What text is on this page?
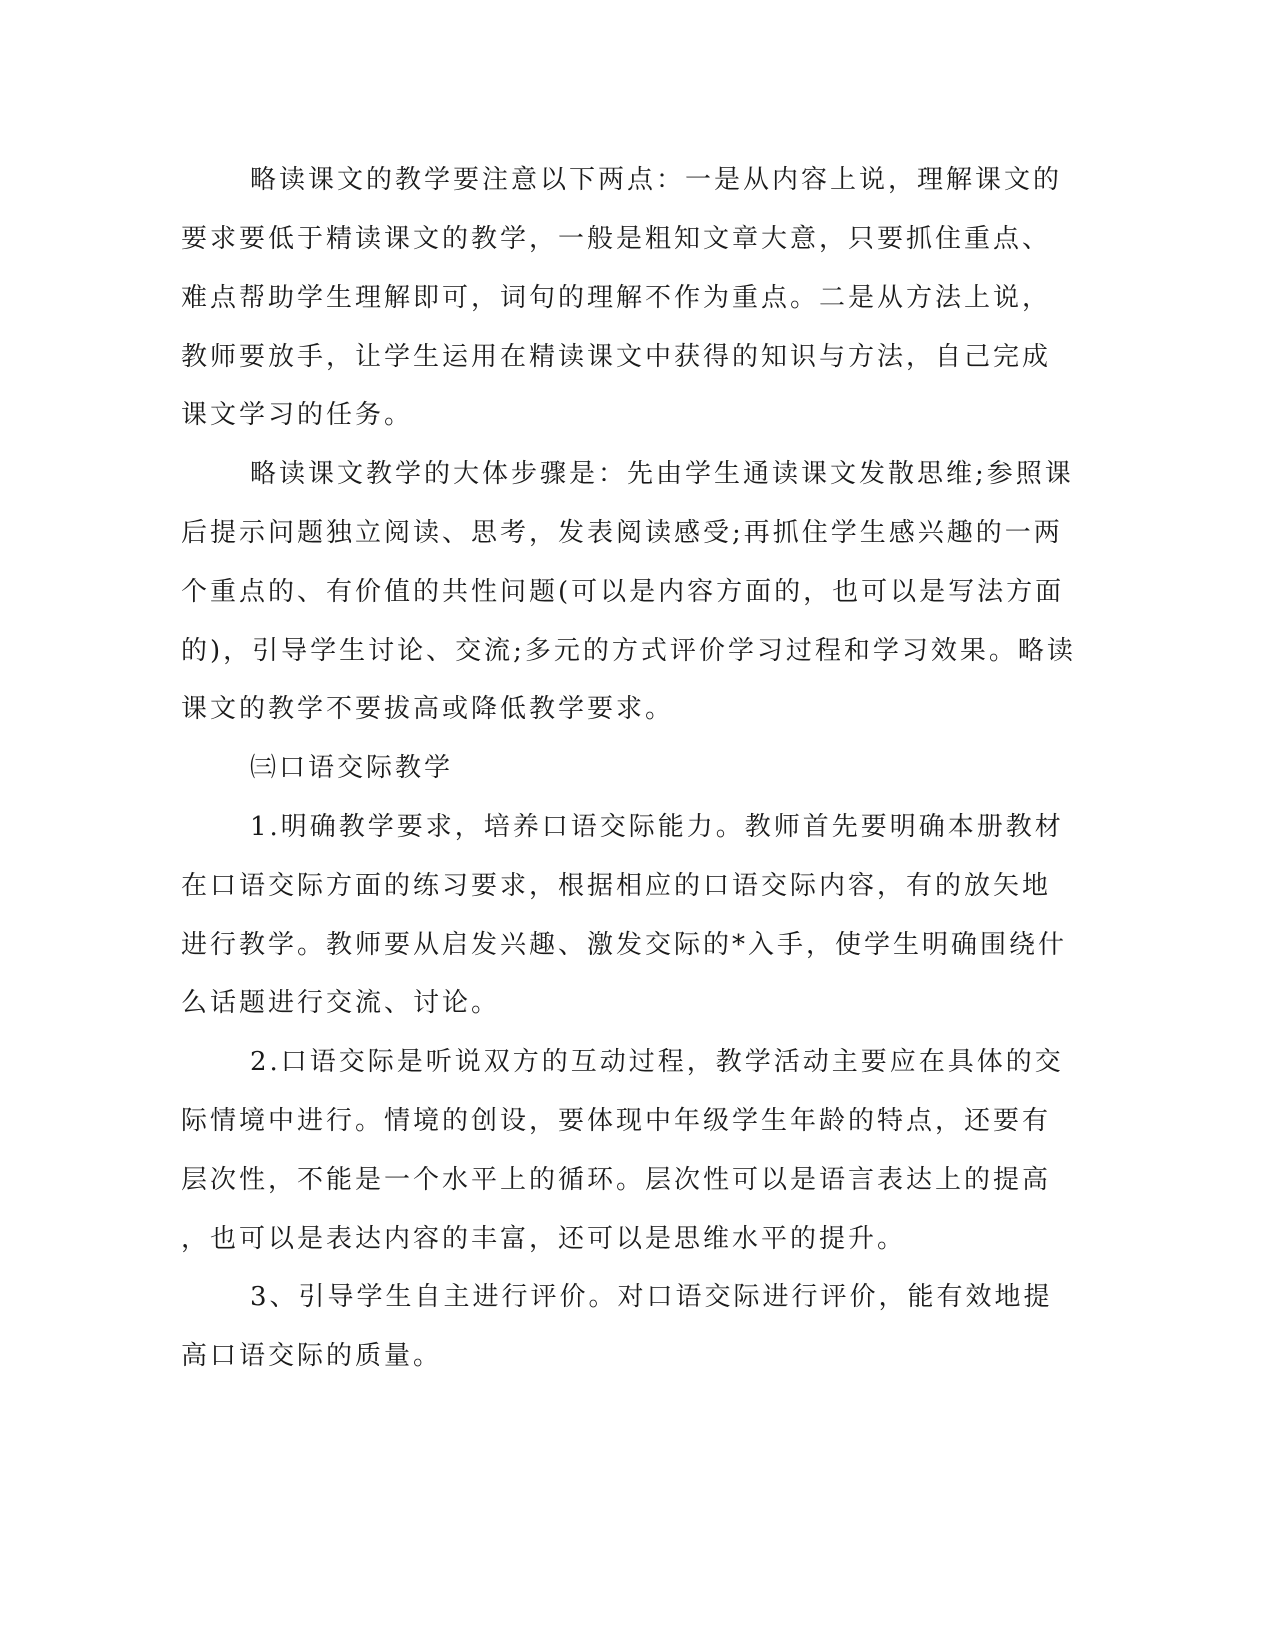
略读课文的教学要注意以下两点：一是从内容上说，理解课文的

要求要低于精读课文的教学，一般是粗知文章大意，只要抓住重点、

难点帮助学生理解即可，词句的理解不作为重点。二是从方法上说，

教师要放手，让学生运用在精读课文中获得的知识与方法，自己完成

课文学习的任务。

略读课文教学的大体步骤是：先由学生通读课文发散思维;参照课

后提示问题独立阅读、思考，发表阅读感受;再抓住学生感兴趣的一两

个重点的、有价值的共性问题(可以是内容方面的，也可以是写法方面

的)，引导学生讨论、交流;多元的方式评价学习过程和学习效果。略读

课文的教学不要拔高或降低教学要求。

㈢口语交际教学

1.明确教学要求，培养口语交际能力。教师首先要明确本册教材

在口语交际方面的练习要求，根据相应的口语交际内容，有的放矢地

进行教学。教师要从启发兴趣、激发交际的*入手，使学生明确围绕什

么话题进行交流、讨论。

2.口语交际是听说双方的互动过程，教学活动主要应在具体的交

际情境中进行。情境的创设，要体现中年级学生年龄的特点，还要有

层次性，不能是一个水平上的循环。层次性可以是语言表达上的提高

，也可以是表达内容的丰富，还可以是思维水平的提升。

3、引导学生自主进行评价。对口语交际进行评价，能有效地提

高口语交际的质量。
